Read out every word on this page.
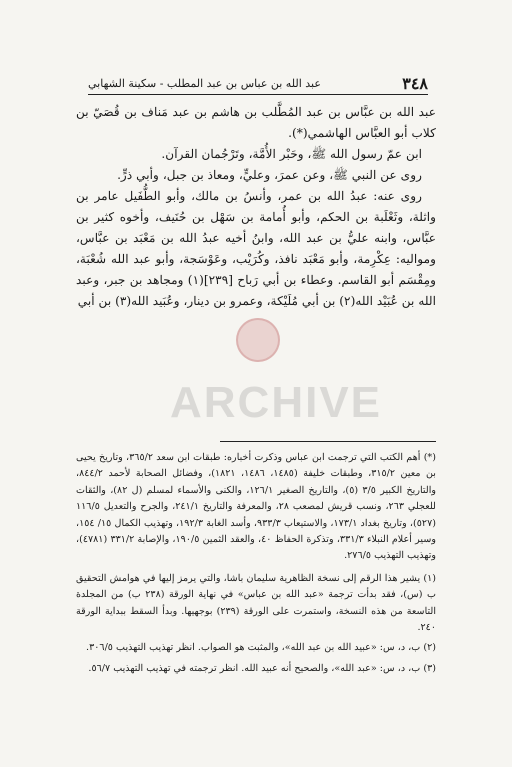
٣٤٨
عبد الله بن عباس بن عبد المطلب - سكينة الشهابي

عبد الله بن عبَّاس بن عبد المُطَّلب بن هاشم بن عبد مَناف بن قُصَيّ بن كلاب أبو العبَّاس الهاشمي(*).

ابن عمّ رسول الله ﷺ، وحَبْر الأُمَّة، وتَرْجُمان القرآن.

روى عن النبي ﷺ، وعن عمرَ، وعليٍّ، ومعاذ بن جبل، وأبي ذرٍّ.

روى عنه: عبدُ الله بن عمر، وأنسُ بن مالك، وأبو الطُّفَيل عامر بن واثلة، وثَعْلَبة بن الحكم، وأبو أُمامة بن سَهْل بن حُنَيف، وأخوه كثير بن عبَّاس، وابنه عليُّ بن عبد الله، وابنُ أخيه عبدُ الله بن مَعْبَد بن عبَّاس، ومواليه: عِكْرِمة، وأبو مَعْبَد نافذ، وكُرَيْب، وعَوْسَجة، وأبو عبد الله شُعْبَة، ومِقْسَم أبو القاسم. وعطاء بن أبي رَباح [٢٣٩](١) ومجاهد بن جبر، وعبد الله بن عُبَيْد الله(٢) بن أبي مُلَيْكة، وعمرو بن دينار، وعُبَيد الله(٣) بن أبي

ARCHIVE

(*) أهم الكتب التي ترجمت ابن عباس وذكرت أخباره: طبقات ابن سعد ٣٦٥/٢، وتاريخ يحيى بن معين ٣١٥/٢، وطبقات خليفة (١٤٨٥، ١٤٨٦، ١٨٢١)، وفضائل الصحابة لأحمد ٨٤٤/٢، والتاريخ الكبير ٣/٥ (٥)، والتاريخ الصغير ١٢٦/١، والكنى والأسماء لمسلم (ل ٨٢)، والثقات للعجلي ٢٦٣، ونسب قريش لمصعب ٢٨، والمعرفة والتاريخ ٢٤١/١، والجرح والتعديل ١١٦/٥ (٥٢٧)، وتاريخ بغداد ١٧٣/١، والاستيعاب ٩٣٣/٣، وأسد الغابة ١٩٢/٣، وتهذيب الكمال ١٥/ ١٥٤، وسير أعلام النبلاء ٣٣١/٣، وتذكرة الحفاظ ٤٠، والعقد الثمين ١٩٠/٥، والإصابة ٣٣١/٢ (٤٧٨١)، وتهذيب التهذيب ٢٧٦/٥.

(١) يشير هذا الرقم إلى نسخة الظاهرية سليمان باشا، والتي يرمز إليها في هوامش التحقيق ب (س)، فقد بدأت ترجمة «عبد الله بن عباس» في نهاية الورقة (٢٣٨ ب) من المجلدة التاسعة من هذه النسخة، واستمرت على الورقة (٢٣٩) بوجهيها. وبدأ السقط ببداية الورقة ٢٤٠.

(٢) ب، د، س: «عبيد الله بن عبد الله»، والمثبت هو الصواب. انظر تهذيب التهذيب ٣٠٦/٥.

(٣) ب، د، س: «عبد الله»، والصحيح أنه عبيد الله. انظر ترجمته في تهذيب التهذيب ٥٦/٧.
